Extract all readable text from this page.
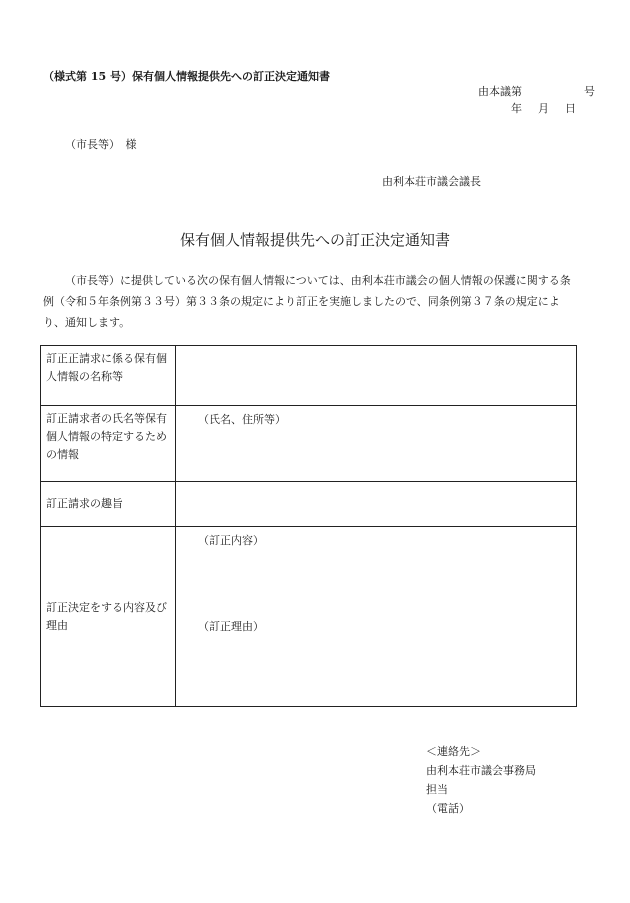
（様式第 15 号）保有個人情報提供先への訂正決定通知書
由本議第	号
年 月 日
（市長等）　様
由利本荘市議会議長
保有個人情報提供先への訂正決定通知書
（市長等）に提供している次の保有個人情報については、由利本荘市議会の個人情報の保護に関する条例（令和５年条例第３３号）第３３条の規定により訂正を実施しましたので、同条例第３７条の規定により、通知します。
訂正正請求に係る保有個人情報の名称等	
訂正請求者の氏名等保有個人情報の特定するための情報	（氏名、住所等）
訂正請求の趣旨	
訂正決定をする内容及び理由	（訂正内容）
（訂正理由）
＜連絡先＞
由利本荘市議会事務局
担当
（電話）
